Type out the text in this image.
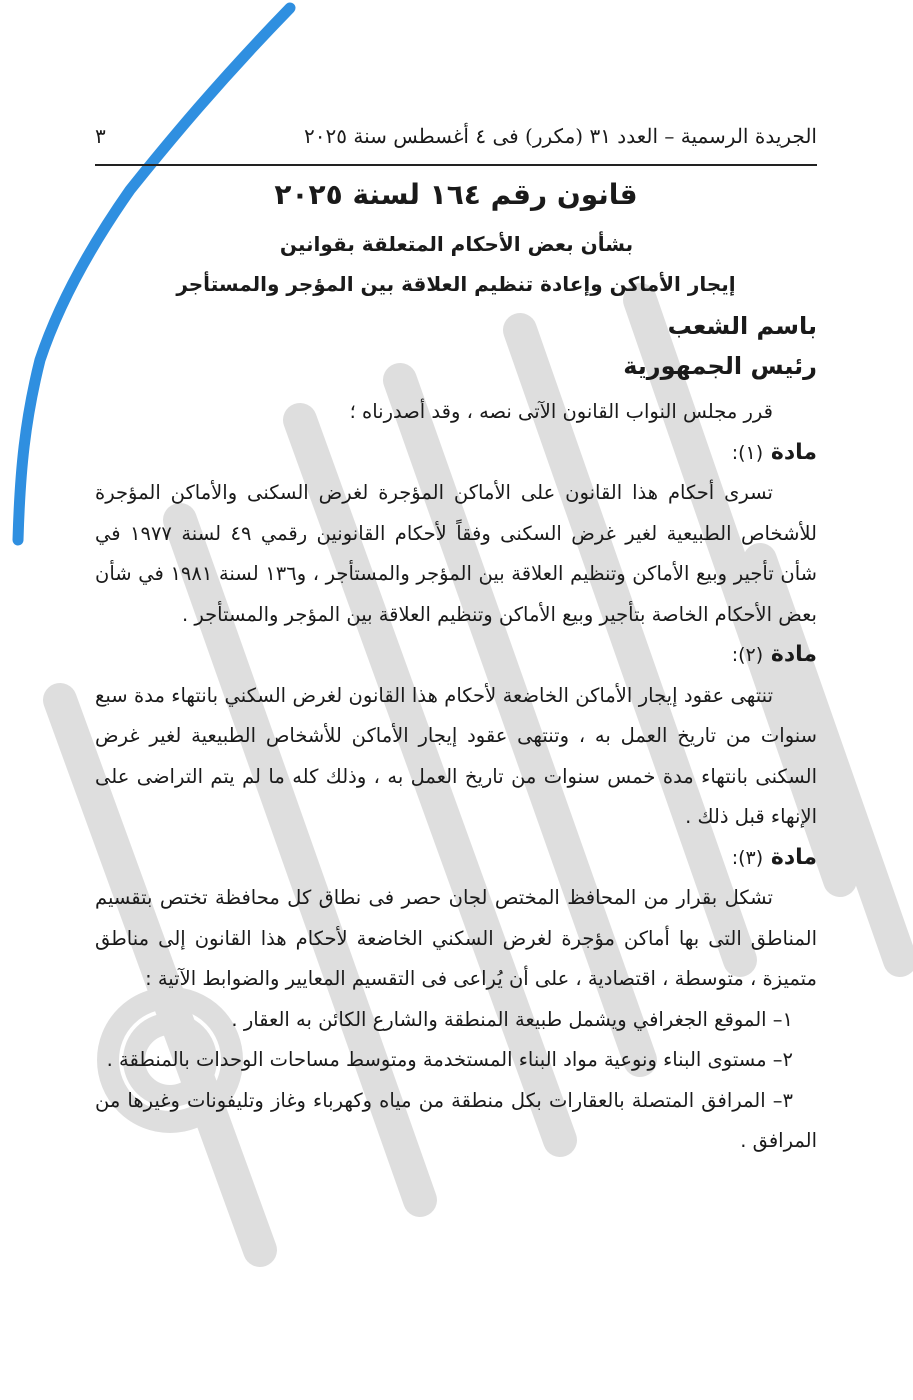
الجريدة الرسمية – العدد ٣١ (مكرر) فى ٤ أغسطس سنة ٢٠٢٥
٣
قانون رقم ١٦٤ لسنة ٢٠٢٥
بشأن بعض الأحكام المتعلقة بقوانين
إيجار الأماكن وإعادة تنظيم العلاقة بين المؤجر والمستأجر
باسم الشعب
رئيس الجمهورية

قرر مجلس النواب القانون الآتى نصه ، وقد أصدرناه ؛

مادة (١):

تسرى أحكام هذا القانون على الأماكن المؤجرة لغرض السكنى والأماكن المؤجرة للأشخاص الطبيعية لغير غرض السكنى وفقاً لأحكام القانونين رقمي ٤٩ لسنة ١٩٧٧ في شأن تأجير وبيع الأماكن وتنظيم العلاقة بين المؤجر والمستأجر ، و١٣٦ لسنة ١٩٨١ في شأن بعض الأحكام الخاصة بتأجير وبيع الأماكن وتنظيم العلاقة بين المؤجر والمستأجر .

مادة (٢):

تنتهى عقود إيجار الأماكن الخاضعة لأحكام هذا القانون لغرض السكني بانتهاء مدة سبع سنوات من تاريخ العمل به ، وتنتهى عقود إيجار الأماكن للأشخاص الطبيعية لغير غرض السكنى بانتهاء مدة خمس سنوات من تاريخ العمل به ، وذلك كله ما لم يتم التراضى على الإنهاء قبل ذلك .

مادة (٣):

تشكل بقرار من المحافظ المختص لجان حصر فى نطاق كل محافظة تختص بتقسيم المناطق التى بها أماكن مؤجرة لغرض السكني الخاضعة لأحكام هذا القانون إلى مناطق متميزة ، متوسطة ، اقتصادية ، على أن يُراعى فى التقسيم المعايير والضوابط الآتية :

١– الموقع الجغرافي ويشمل طبيعة المنطقة والشارع الكائن به العقار .

٢– مستوى البناء ونوعية مواد البناء المستخدمة ومتوسط مساحات الوحدات بالمنطقة .

٣– المرافق المتصلة بالعقارات بكل منطقة من مياه وكهرباء وغاز وتليفونات وغيرها من المرافق .
